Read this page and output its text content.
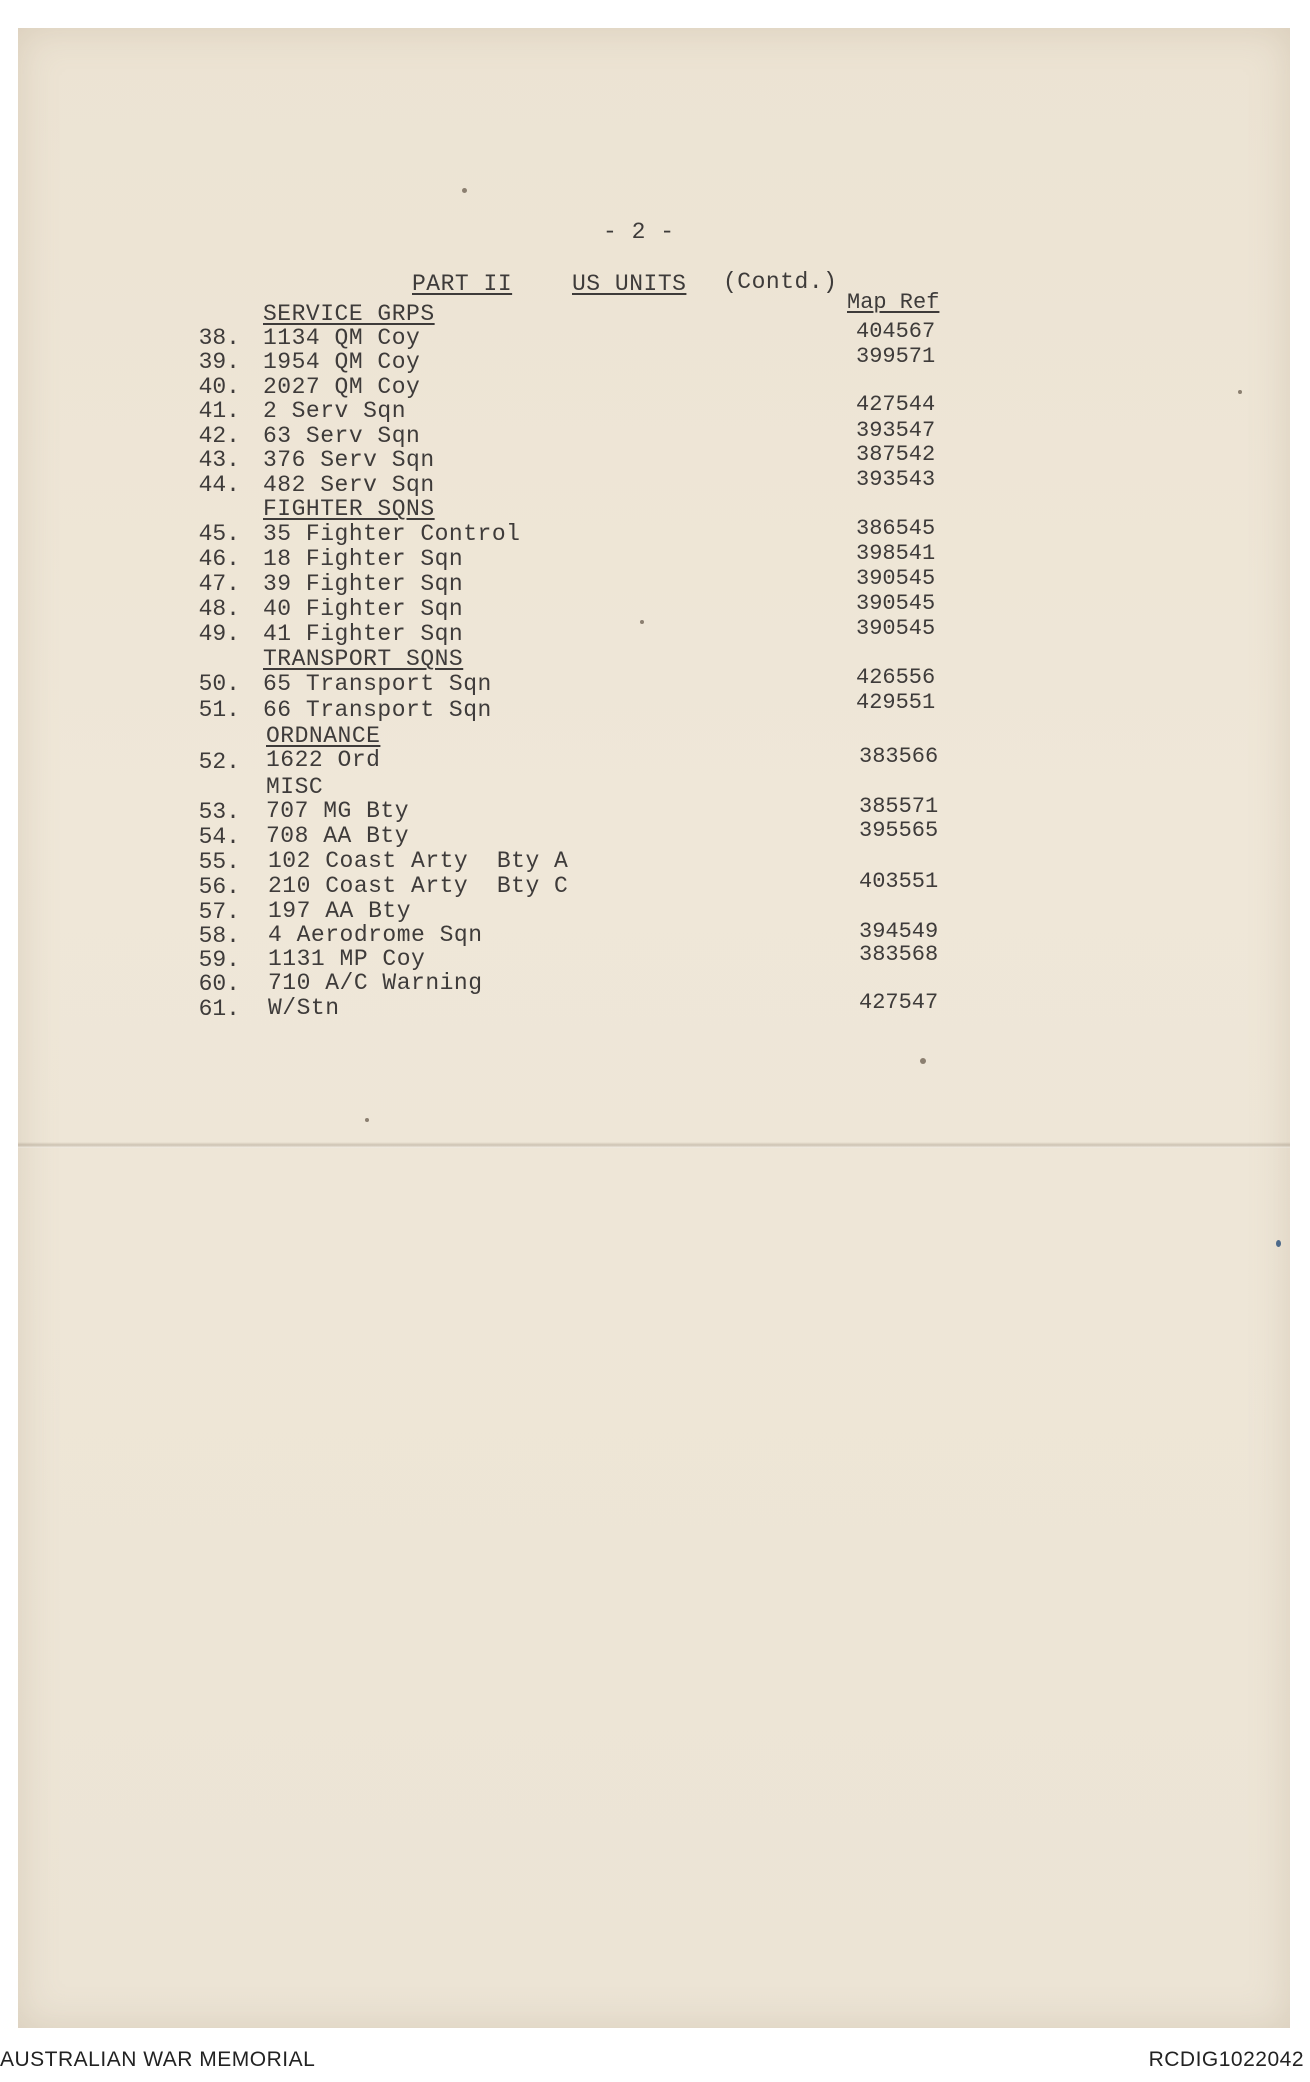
- 2 -
PART II	US UNITS (Contd.)
Map Ref
SERVICE GRPS
38. 1134 QM Coy	404567
39. 1954 QM Coy	399571
40. 2027 QM Coy
41. 2 Serv Sqn	427544
42. 63 Serv Sqn	393547
43. 376 Serv Sqn	387542
44. 482 Serv Sqn	393543
FIGHTER SQNS
45. 35 Fighter Control	386545
46. 18 Fighter Sqn	398541
47. 39 Fighter Sqn	390545
48. 40 Fighter Sqn	390545
49. 41 Fighter Sqn	390545
TRANSPORT SQNS
50. 65 Transport Sqn	426556
51. 66 Transport Sqn	429551
ORDNANCE
52. 1622 Ord	383566
MISC
53. 707 MG Bty	385571
54. 708 AA Bty	395565
55. 102 Coast Arty  Bty A
56. 210 Coast Arty  Bty C	403551
57. 197 AA Bty
58. 4 Aerodrome Sqn	394549
59. 1131 MP Coy	383568
60. 710 A/C Warning
61. W/Stn	427547
AUSTRALIAN WAR MEMORIAL	RCDIG1022042
